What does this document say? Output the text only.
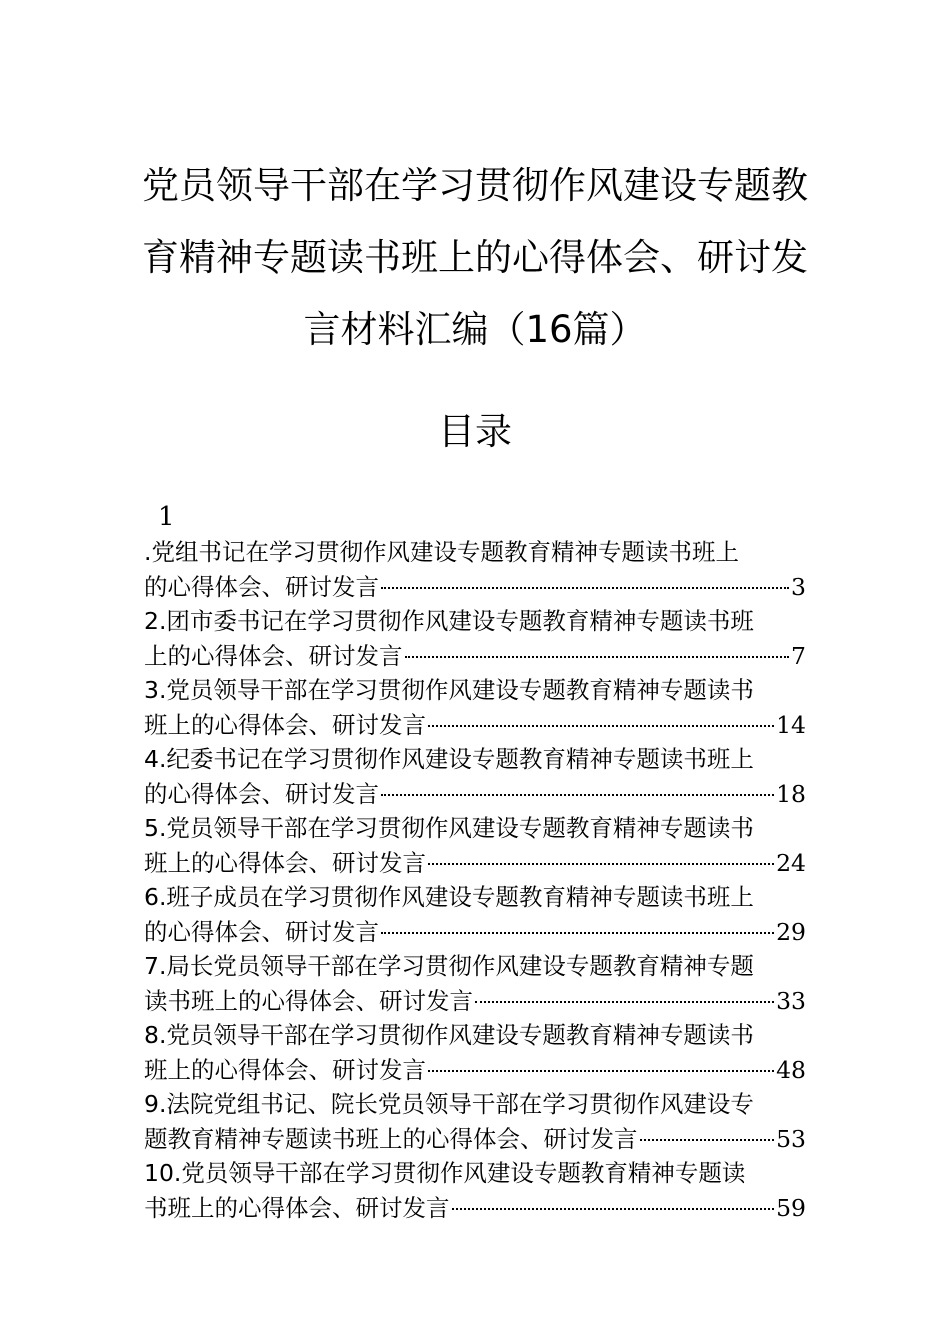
党员领导干部在学习贯彻作风建设专题教
育精神专题读书班上的心得体会、研讨发
言材料汇编（16篇）
目录
1
.党组书记在学习贯彻作风建设专题教育精神专题读书班上
的心得体会、研讨发言	3
2.团市委书记在学习贯彻作风建设专题教育精神专题读书班
上的心得体会、研讨发言	7
3.党员领导干部在学习贯彻作风建设专题教育精神专题读书
班上的心得体会、研讨发言	14
4.纪委书记在学习贯彻作风建设专题教育精神专题读书班上
的心得体会、研讨发言	18
5.党员领导干部在学习贯彻作风建设专题教育精神专题读书
班上的心得体会、研讨发言	24
6.班子成员在学习贯彻作风建设专题教育精神专题读书班上
的心得体会、研讨发言	29
7.局长党员领导干部在学习贯彻作风建设专题教育精神专题
读书班上的心得体会、研讨发言	33
8.党员领导干部在学习贯彻作风建设专题教育精神专题读书
班上的心得体会、研讨发言	48
9.法院党组书记、院长党员领导干部在学习贯彻作风建设专
题教育精神专题读书班上的心得体会、研讨发言	53
10.党员领导干部在学习贯彻作风建设专题教育精神专题读
书班上的心得体会、研讨发言	59
